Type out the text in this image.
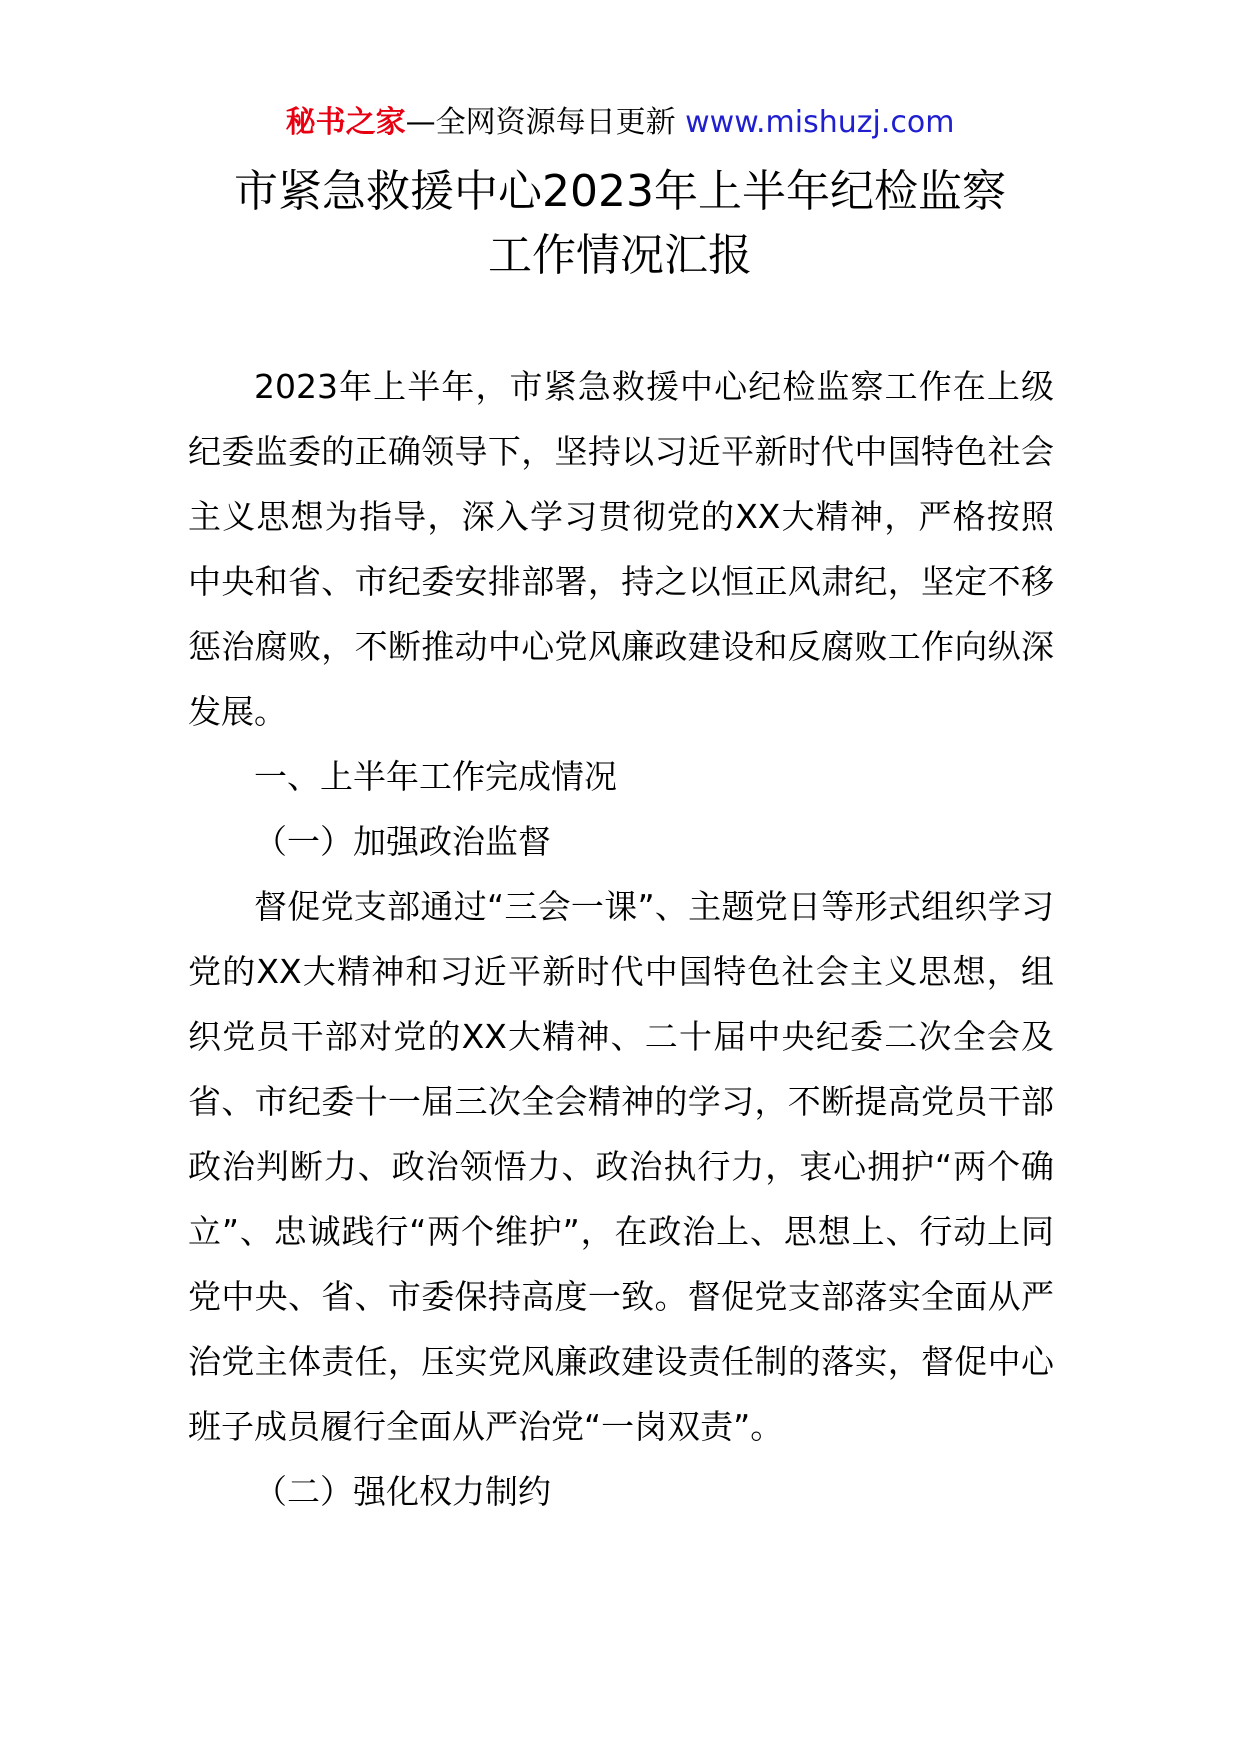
秘书之家—全网资源每日更新 www.mishuzj.com
市紧急救援中心2023年上半年纪检监察
工作情况汇报

2023年上半年，市紧急救援中心纪检监察工作在上级纪委监委的正确领导下，坚持以习近平新时代中国特色社会主义思想为指导，深入学习贯彻党的XX大精神，严格按照中央和省、市纪委安排部署，持之以恒正风肃纪，坚定不移惩治腐败，不断推动中心党风廉政建设和反腐败工作向纵深发展。

一、上半年工作完成情况

（一）加强政治监督

督促党支部通过“三会一课”、主题党日等形式组织学习党的XX大精神和习近平新时代中国特色社会主义思想，组织党员干部对党的XX大精神、二十届中央纪委二次全会及省、市纪委十一届三次全会精神的学习，不断提高党员干部政治判断力、政治领悟力、政治执行力，衷心拥护“两个确立”、忠诚践行“两个维护”，在政治上、思想上、行动上同党中央、省、市委保持高度一致。督促党支部落实全面从严治党主体责任，压实党风廉政建设责任制的落实，督促中心班子成员履行全面从严治党“一岗双责”。

（二）强化权力制约
